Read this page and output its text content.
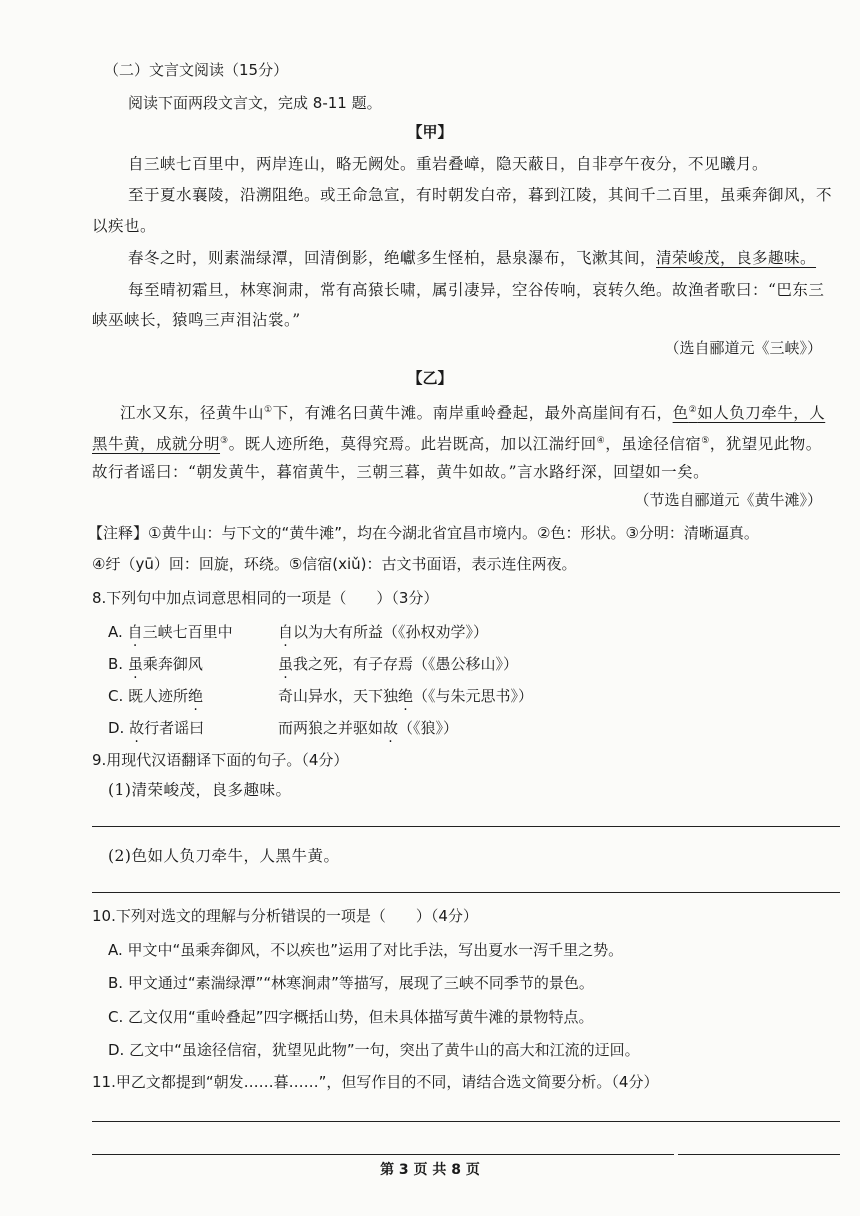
（二）文言文阅读（15分）
阅读下面两段文言文，完成 8-11 题。
【甲】
自三峡七百里中，两岸连山，略无阙处。重岩叠嶂，隐天蔽日，自非亭午夜分，不见曦月。
至于夏水襄陵，沿溯阻绝。或王命急宣，有时朝发白帝，暮到江陵，其间千二百里，虽乘奔御风，不
以疾也。
春冬之时，则素湍绿潭，回清倒影，绝巘多生怪柏，悬泉瀑布，飞漱其间，清荣峻茂，良多趣味。
每至晴初霜旦，林寒涧肃，常有高猿长啸，属引凄异，空谷传响，哀转久绝。故渔者歌曰：“巴东三
峡巫峡长，猿鸣三声泪沾裳。”
（选自郦道元《三峡》）
【乙】
江水又东，径黄牛山①下，有滩名曰黄牛滩。南岸重岭叠起，最外高崖间有石，色②如人负刀牵牛，人
黑牛黄，成就分明③。既人迹所绝，莫得究焉。此岩既高，加以江湍纡回④，虽途径信宿⑤，犹望见此物。
故行者谣曰：“朝发黄牛，暮宿黄牛，三朝三暮，黄牛如故。”言水路纡深，回望如一矣。
（节选自郦道元《黄牛滩》）
【注释】①黄牛山：与下文的“黄牛滩”，均在今湖北省宜昌市境内。②色：形状。③分明：清晰逼真。
④纡（yū）回：回旋，环绕。⑤信宿(xiǔ)：古文书面语，表示连住两夜。
8.下列句中加点词意思相同的一项是（　　）（3分）
A. 自三峡七百里中	自以为大有所益（《孙权劝学》）
B. 虽乘奔御风	虽我之死，有子存焉（《愚公移山》）
C. 既人迹所绝	奇山异水，天下独绝（《与朱元思书》）
D. 故行者谣曰	而两狼之并驱如故（《狼》）
9.用现代汉语翻译下面的句子。（4分）
(1)清荣峻茂，良多趣味。
(2)色如人负刀牵牛，人黑牛黄。
10.下列对选文的理解与分析错误的一项是（　　）（4分）
A. 甲文中“虽乘奔御风，不以疾也”运用了对比手法，写出夏水一泻千里之势。
B. 甲文通过“素湍绿潭”“林寒涧肃”等描写，展现了三峡不同季节的景色。
C. 乙文仅用“重岭叠起”四字概括山势，但未具体描写黄牛滩的景物特点。
D. 乙文中“虽途径信宿，犹望见此物”一句，突出了黄牛山的高大和江流的迂回。
11.甲乙文都提到“朝发……暮……”，但写作目的不同，请结合选文简要分析。（4分）
第 3 页 共 8 页
